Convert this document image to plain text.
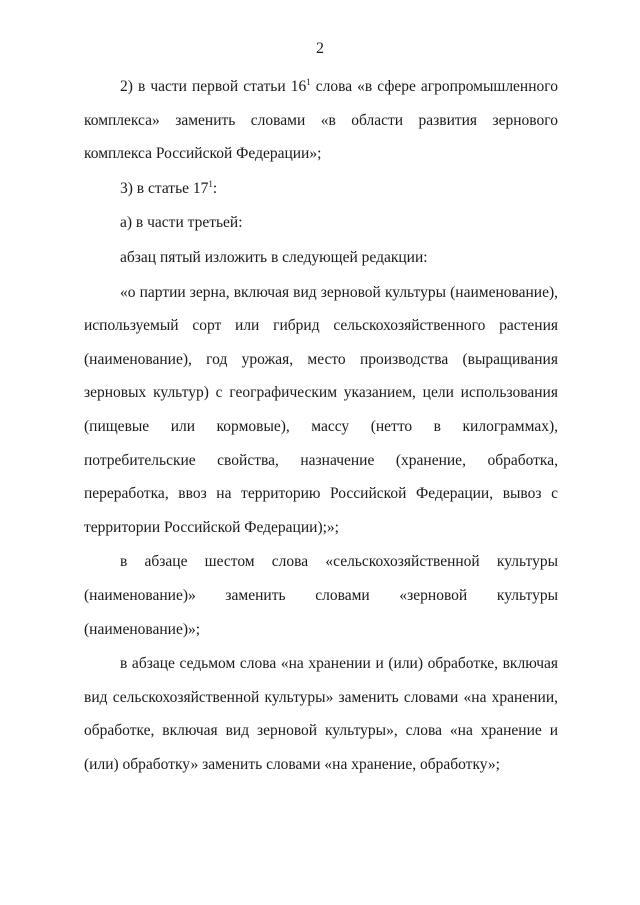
2

2) в части первой статьи $16^1$ слова «в сфере агропромышленного комплекса» заменить словами «в области развития зернового комплекса Российской Федерации»;

3) в статье $17^1$:

а) в части третьей:

абзац пятый изложить в следующей редакции:

«о партии зерна, включая вид зерновой культуры (наименование), используемый сорт или гибрид сельскохозяйственного растения (наименование), год урожая, место производства (выращивания зерновых культур) с географическим указанием, цели использования (пищевые или кормовые), массу (нетто в килограммах), потребительские свойства, назначение (хранение, обработка, переработка, ввоз на территорию Российской Федерации, вывоз с территории Российской Федерации);»;

в абзаце шестом слова «сельскохозяйственной культуры (наименование)» заменить словами «зерновой культуры (наименование)»;

в абзаце седьмом слова «на хранении и (или) обработке, включая вид сельскохозяйственной культуры» заменить словами «на хранении, обработке, включая вид зерновой культуры», слова «на хранение и (или) обработку» заменить словами «на хранение, обработку»;
